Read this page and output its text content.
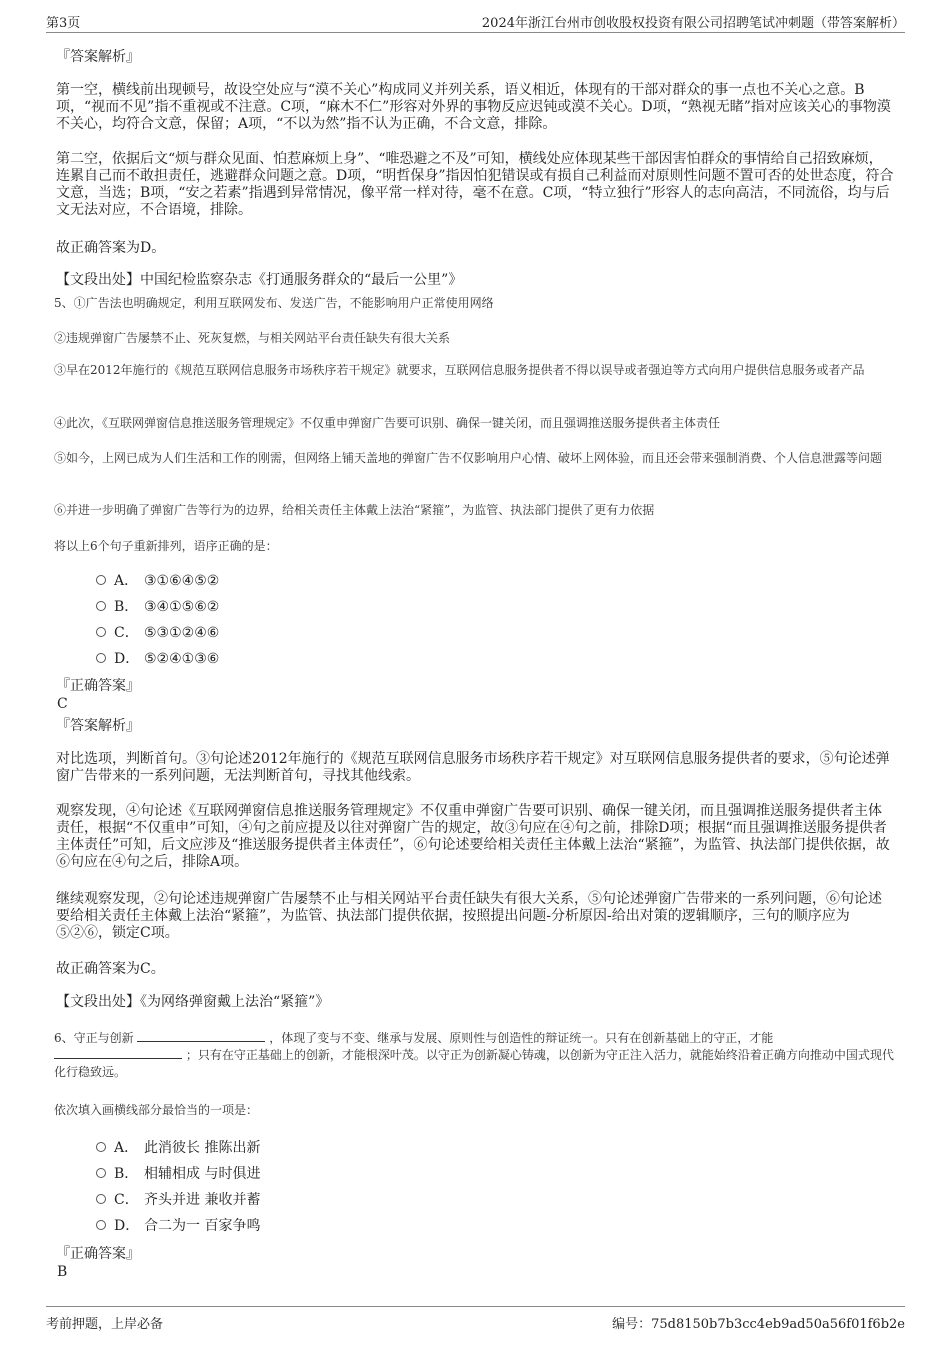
第3页	2024年浙江台州市创收股权投资有限公司招聘笔试冲刺题（带答案解析）
『答案解析』
第一空，横线前出现顿号，故设空处应与“漠不关心”构成同义并列关系，语义相近，体现有的干部对群众的事一点也不关心之意。B项，“视而不见”指不重视或不注意。C项，“麻木不仁”形容对外界的事物反应迟钝或漠不关心。D项，“熟视无睹”指对应该关心的事物漠不关心，均符合文意，保留；A项，“不以为然”指不认为正确，不合文意，排除。
第二空，依据后文“烦与群众见面、怕惹麻烦上身”、“唯恐避之不及”可知，横线处应体现某些干部因害怕群众的事情给自己招致麻烦，连累自己而不敢担责任，逃避群众问题之意。D项，“明哲保身”指因怕犯错误或有损自己利益而对原则性问题不置可否的处世态度，符合文意，当选；B项，“安之若素”指遇到异常情况，像平常一样对待，毫不在意。C项，“特立独行”形容人的志向高洁，不同流俗，均与后文无法对应，不合语境，排除。
故正确答案为D。
【文段出处】中国纪检监察杂志《打通服务群众的“最后一公里”》
5、①广告法也明确规定，利用互联网发布、发送广告，不能影响用户正常使用网络
②违规弹窗广告屡禁不止、死灰复燃，与相关网站平台责任缺失有很大关系
③早在2012年施行的《规范互联网信息服务市场秩序若干规定》就要求，互联网信息服务提供者不得以误导或者强迫等方式向用户提供信息服务或者产品
④此次，《互联网弹窗信息推送服务管理规定》不仅重申弹窗广告要可识别、确保一键关闭，而且强调推送服务提供者主体责任
⑤如今，上网已成为人们生活和工作的刚需，但网络上铺天盖地的弹窗广告不仅影响用户心情、破坏上网体验，而且还会带来强制消费、个人信息泄露等问题
⑥并进一步明确了弹窗广告等行为的边界，给相关责任主体戴上法治“紧箍”，为监管、执法部门提供了更有力依据
将以上6个句子重新排列，语序正确的是：
A． ③①⑥④⑤②
B． ③④①⑤⑥②
C． ⑤③①②④⑥
D． ⑤②④①③⑥
『正确答案』
C
『答案解析』
对比选项，判断首句。③句论述2012年施行的《规范互联网信息服务市场秩序若干规定》对互联网信息服务提供者的要求，⑤句论述弹窗广告带来的一系列问题，无法判断首句，寻找其他线索。
观察发现，④句论述《互联网弹窗信息推送服务管理规定》不仅重申弹窗广告要可识别、确保一键关闭，而且强调推送服务提供者主体责任，根据“不仅重申”可知，④句之前应提及以往对弹窗广告的规定，故③句应在④句之前，排除D项；根据“而且强调推送服务提供者主体责任”可知，后文应涉及“推送服务提供者主体责任”，⑥句论述要给相关责任主体戴上法治“紧箍”，为监管、执法部门提供依据，故⑥句应在④句之后，排除A项。
继续观察发现，②句论述违规弹窗广告屡禁不止与相关网站平台责任缺失有很大关系，⑤句论述弹窗广告带来的一系列问题，⑥句论述要给相关责任主体戴上法治“紧箍”，为监管、执法部门提供依据，按照提出问题-分析原因-给出对策的逻辑顺序，三句的顺序应为⑤②⑥，锁定C项。
故正确答案为C。
【文段出处】《为网络弹窗戴上法治“紧箍”》
6、守正与创新	，体现了变与不变、继承与发展、原则性与创造性的辩证统一。只有在创新基础上的守正，才能
；只有在守正基础上的创新，才能根深叶茂。以守正为创新凝心铸魂，以创新为守正注入活力，就能始终沿着正确方向推动中国式现代化行稳致远。
依次填入画横线部分最恰当的一项是：
A． 此消彼长 推陈出新
B． 相辅相成 与时俱进
C． 齐头并进 兼收并蓄
D． 合二为一 百家争鸣
『正确答案』
B
考前押题，上岸必备	编号：75d8150b7b3cc4eb9ad50a56f01f6b2e
